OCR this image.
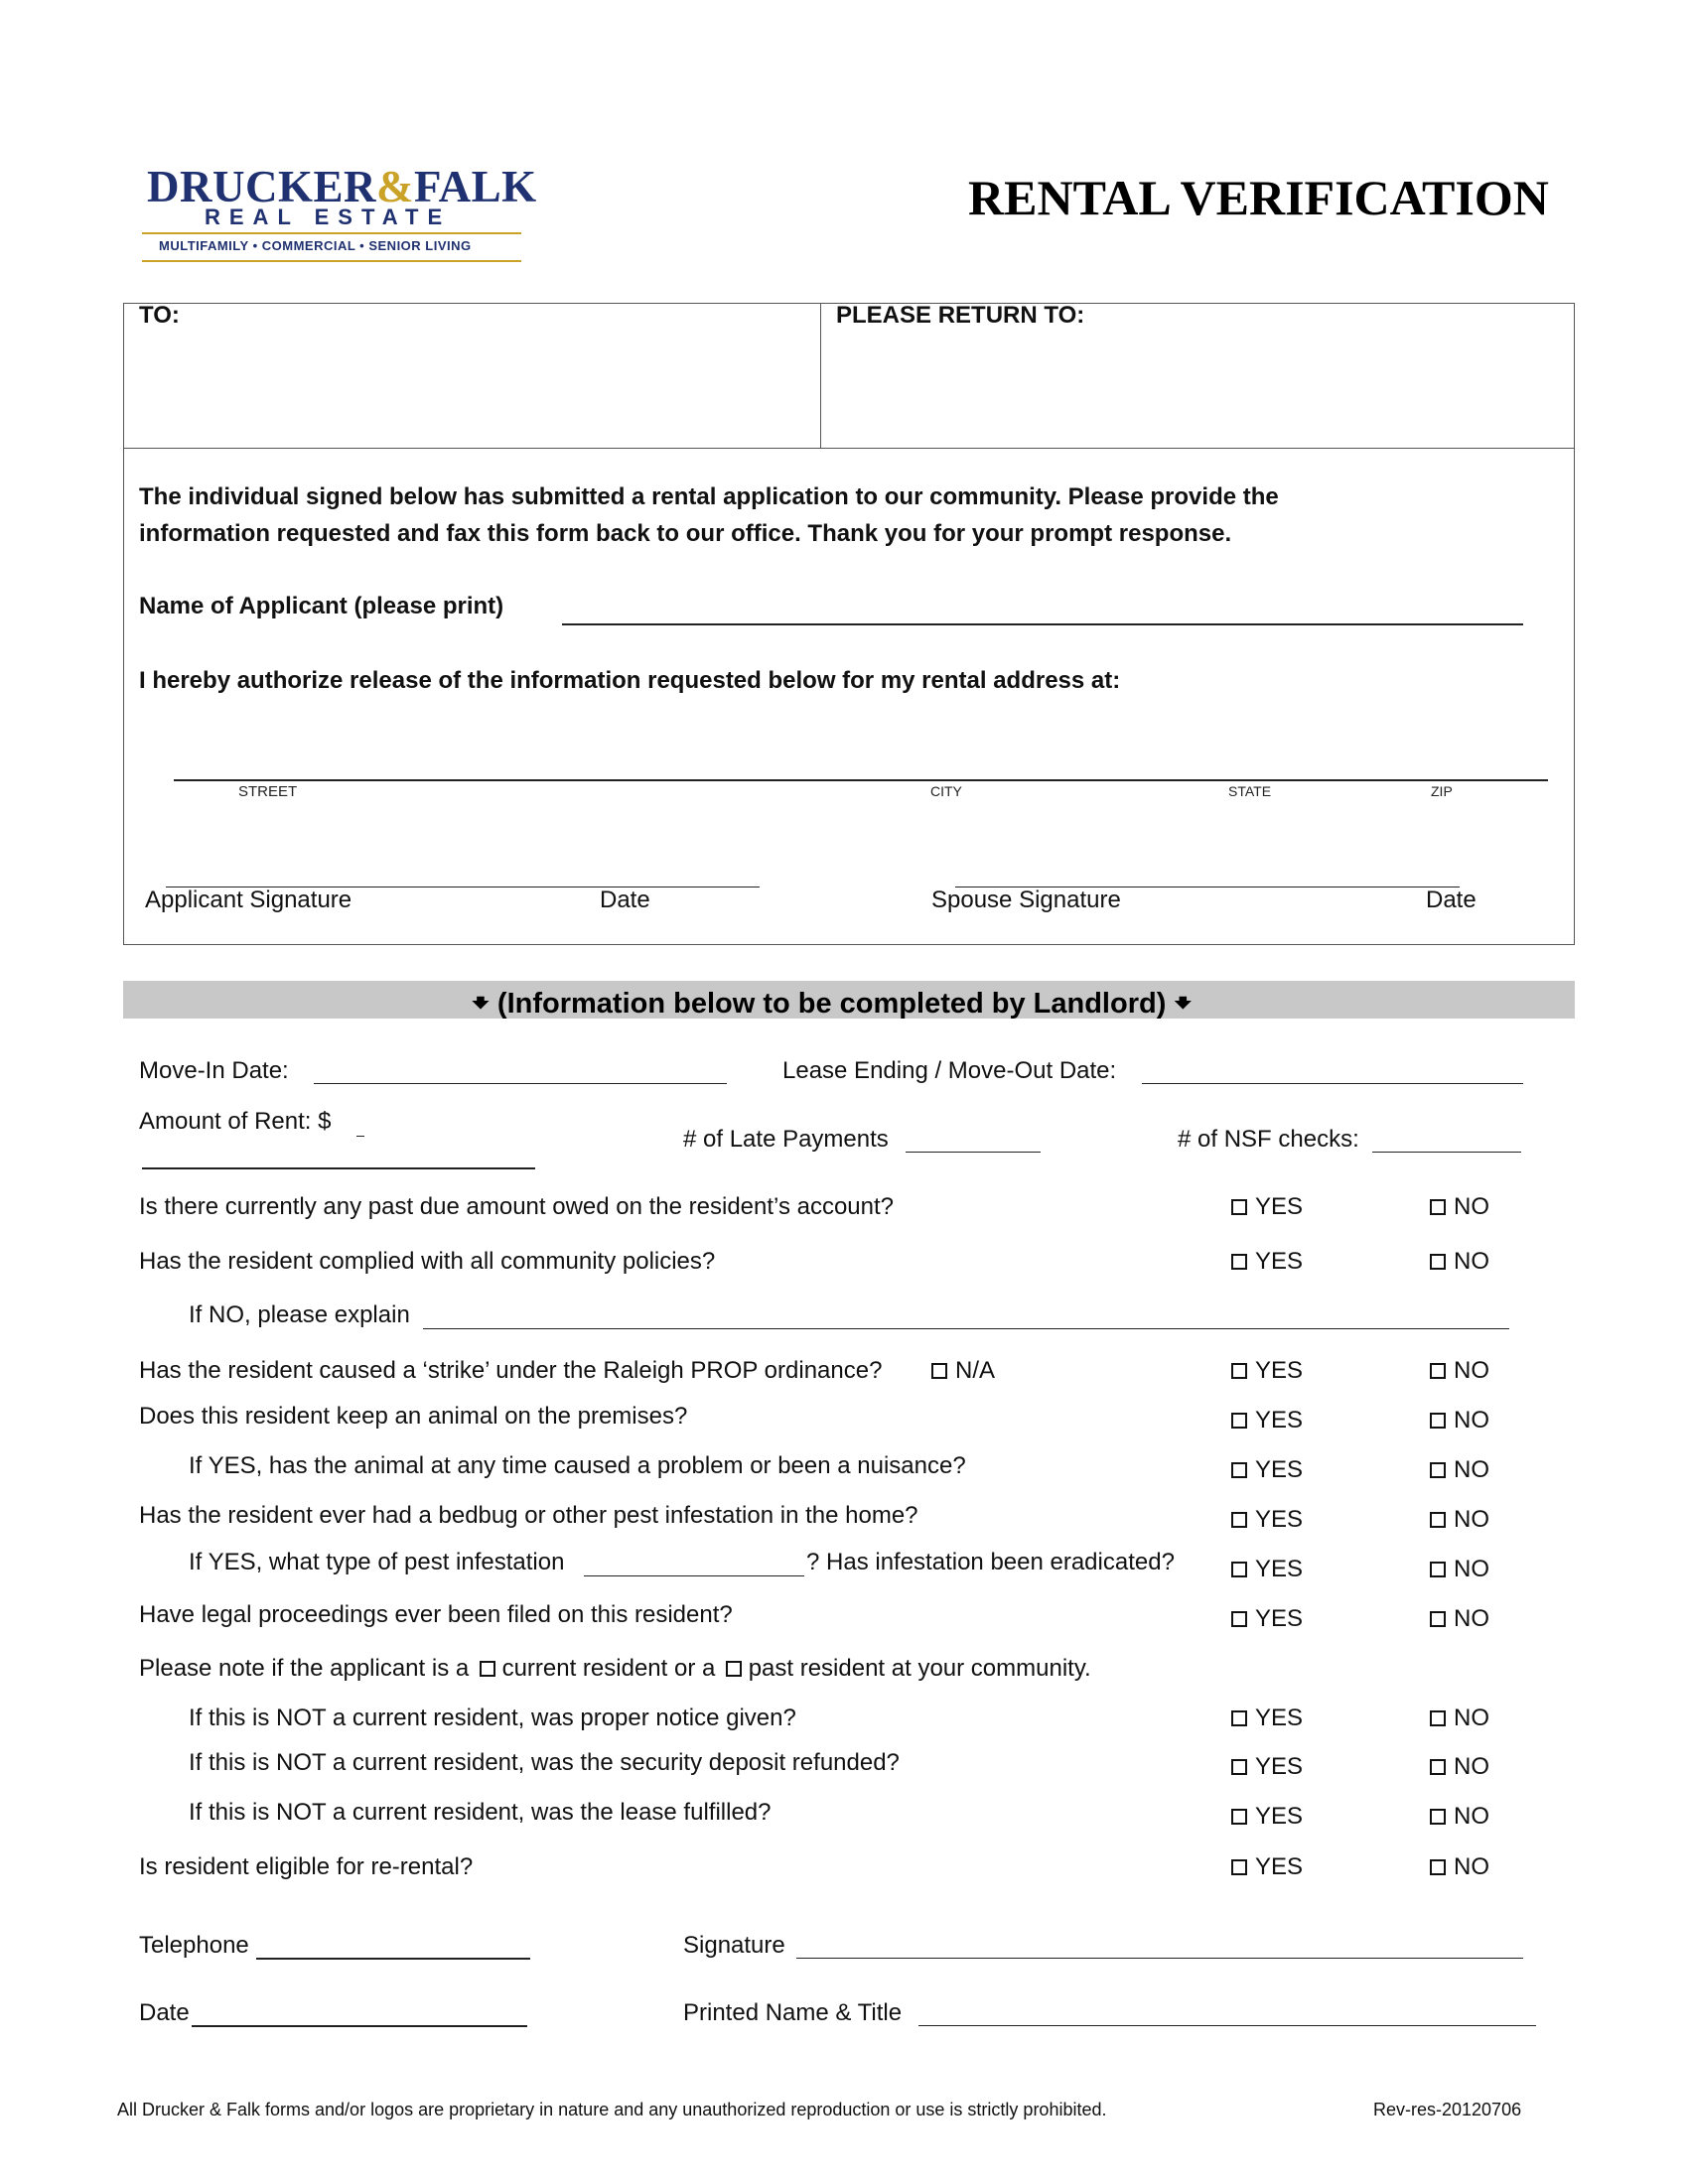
DRUCKER&FALK
REAL ESTATE
MULTIFAMILY • COMMERCIAL • SENIOR LIVING
RENTAL VERIFICATION
TO:	PLEASE RETURN TO:
The individual signed below has submitted a rental application to our community. Please provide the
information requested and fax this form back to our office. Thank you for your prompt response.
Name of Applicant (please print)
I hereby authorize release of the information requested below for my rental address at:
STREET	CITY	STATE	ZIP
Applicant Signature	Date	Spouse Signature	Date
🠻 (Information below to be completed by Landlord) 🠻
Move‐In Date:	Lease Ending / Move‐Out Date:
Amount of Rent: $
# of Late Payments	# of NSF checks:
Is there currently any past due amount owed on the resident’s account?	YES	NO
Has the resident complied with all community policies?	YES	NO
If NO, please explain
Has the resident caused a ‘strike’ under the Raleigh PROP ordinance?	N/A	YES	NO
Does this resident keep an animal on the premises?	YES	NO
If YES, has the animal at any time caused a problem or been a nuisance?	YES	NO
Has the resident ever had a bedbug or other pest infestation in the home?	YES	NO
If YES, what type of pest infestation	? Has infestation been eradicated?	YES	NO
Have legal proceedings ever been filed on this resident?	YES	NO
Please note if the applicant is a current resident or a past resident at your community.
If this is NOT a current resident, was proper notice given?	YES	NO
If this is NOT a current resident, was the security deposit refunded?	YES	NO
If this is NOT a current resident, was the lease fulfilled?	YES	NO
Is resident eligible for re‐rental?	YES	NO
Telephone	Signature
Date	Printed Name & Title
All Drucker & Falk forms and/or logos are proprietary in nature and any unauthorized reproduction or use is strictly prohibited.	Rev‐res‐20120706
